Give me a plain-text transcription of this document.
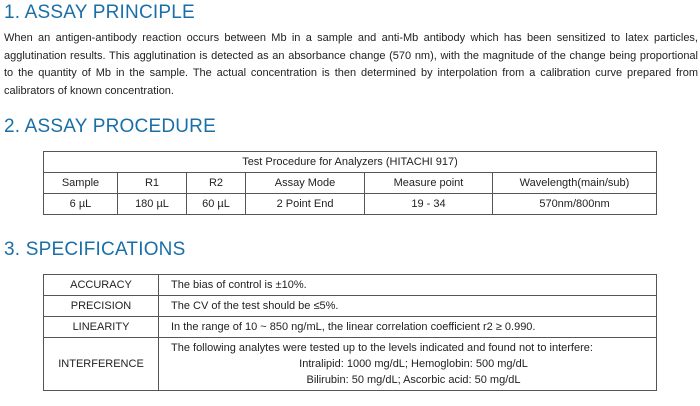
1. ASSAY PRINCIPLE

When an antigen-antibody reaction occurs between Mb in a sample and anti-Mb antibody which has been sensitized to latex particles, agglutination results. This agglutination is detected as an absorbance change (570 nm), with the magnitude of the change being proportional to the quantity of Mb in the sample. The actual concentration is then determined by interpolation from a calibration curve prepared from calibrators of known concentration.

2. ASSAY PROCEDURE
Test Procedure for Analyzers (HITACHI 917)					
Sample	R1	R2	Assay Mode	Measure point	Wavelength(main/sub)
6 µL	180 µL	60 µL	2 Point End	19 - 34	570nm/800nm
3. SPECIFICATIONS
ACCURACY	The bias of control is ±10%.
PRECISION	The CV of the test should be ≤5%.
LINEARITY	In the range of 10 ~ 850 ng/mL, the linear correlation coefficient r2 ≥ 0.990.
INTERFERENCE	The following analytes were tested up to the levels indicated and found not to interfere:
Intralipid: 1000 mg/dL; Hemoglobin: 500 mg/dL
Bilirubin: 50 mg/dL; Ascorbic acid: 50 mg/dL
